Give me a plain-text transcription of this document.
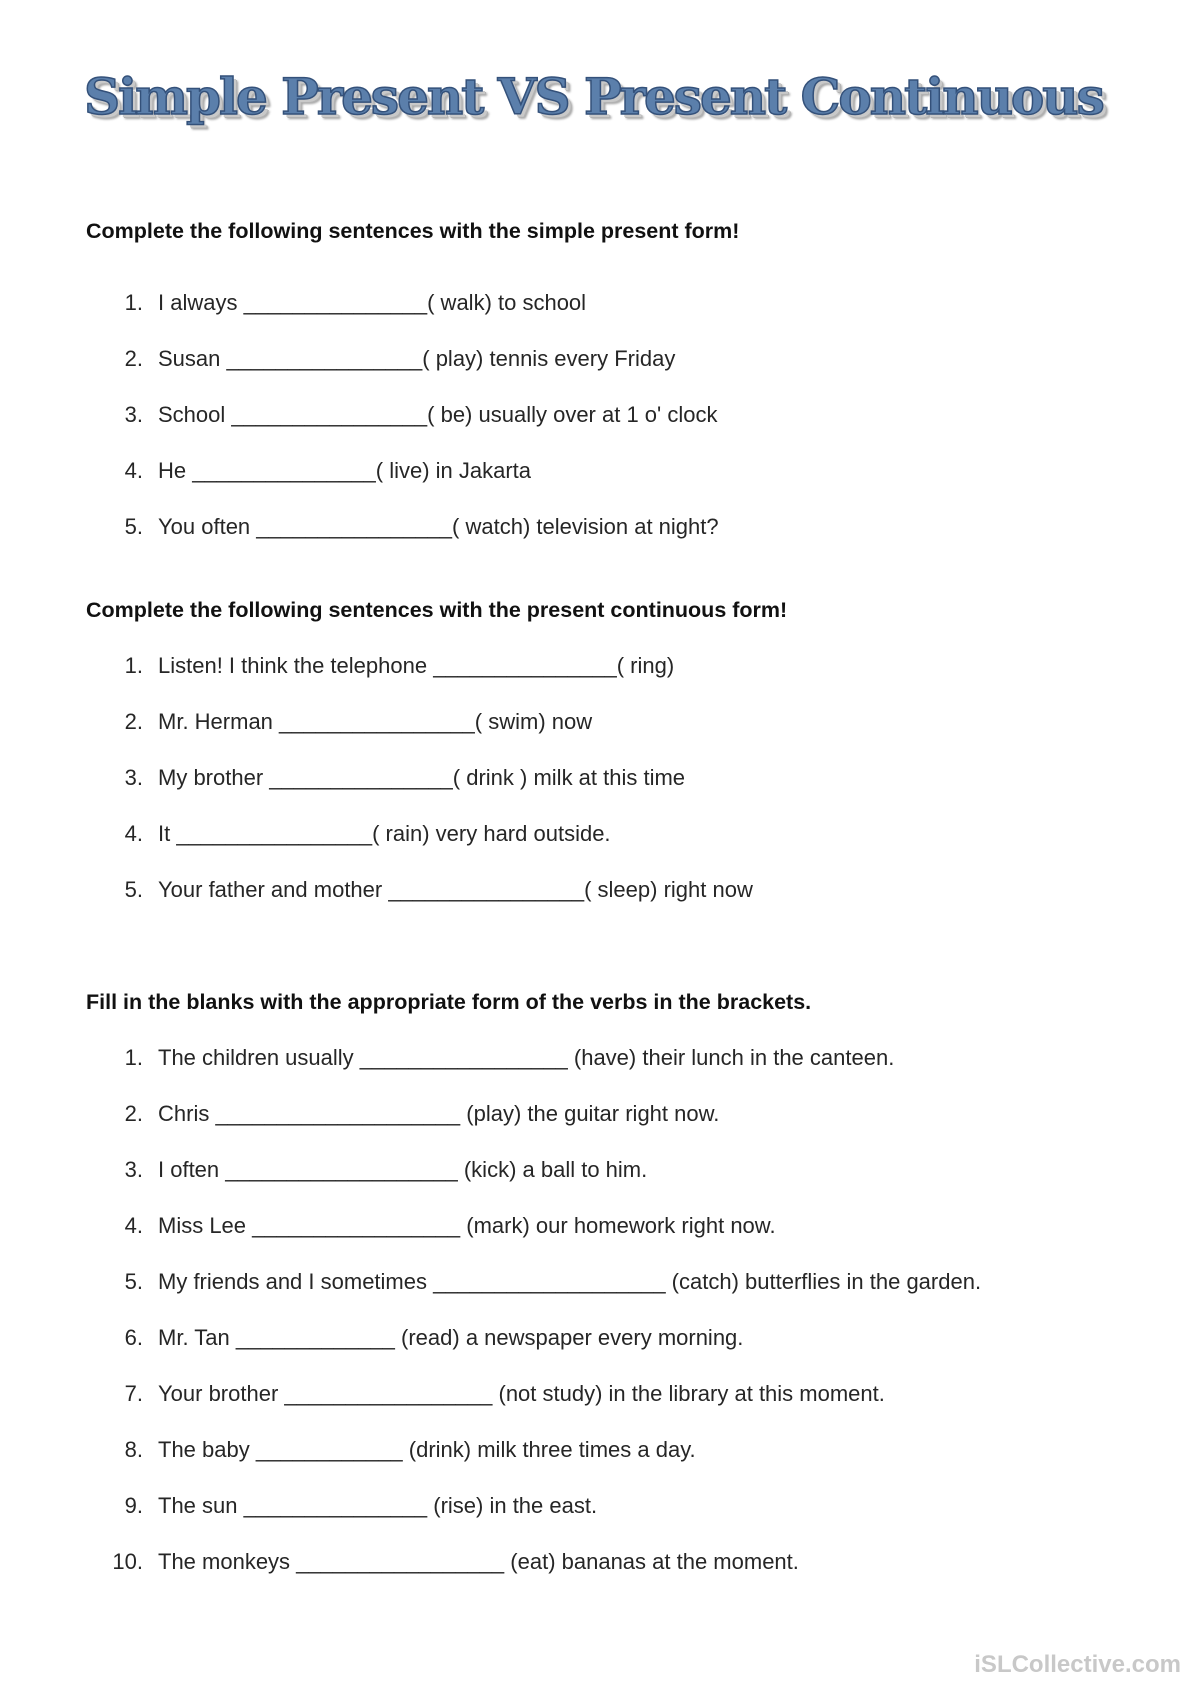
Simple Present VS Present Continuous

Complete the following sentences with the simple present form!

1. I always _______________( walk) to school
2. Susan ________________( play) tennis every Friday
3. School ________________( be) usually over at 1 o' clock
4. He _______________( live) in Jakarta
5. You often ________________( watch) television at night?

Complete the following sentences with the present continuous form!

1. Listen! I think the telephone _______________( ring)
2. Mr. Herman ________________( swim) now
3. My brother _______________( drink ) milk at this time
4. It ________________( rain) very hard outside.
5. Your father and mother ________________( sleep) right now

Fill in the blanks with the appropriate form of the verbs in the brackets.

1. The children usually _________________ (have) their lunch in the canteen.
2. Chris ____________________ (play) the guitar right now.
3. I often ___________________ (kick) a ball to him.
4. Miss Lee _________________ (mark) our homework right now.
5. My friends and I sometimes ___________________ (catch) butterflies in the garden.
6. Mr. Tan _____________ (read) a newspaper every morning.
7. Your brother _________________ (not study) in the library at this moment.
8. The baby ____________ (drink) milk three times a day.
9. The sun _______________ (rise) in the east.
10. The monkeys _________________ (eat) bananas at the moment.

iSLCollective.com
